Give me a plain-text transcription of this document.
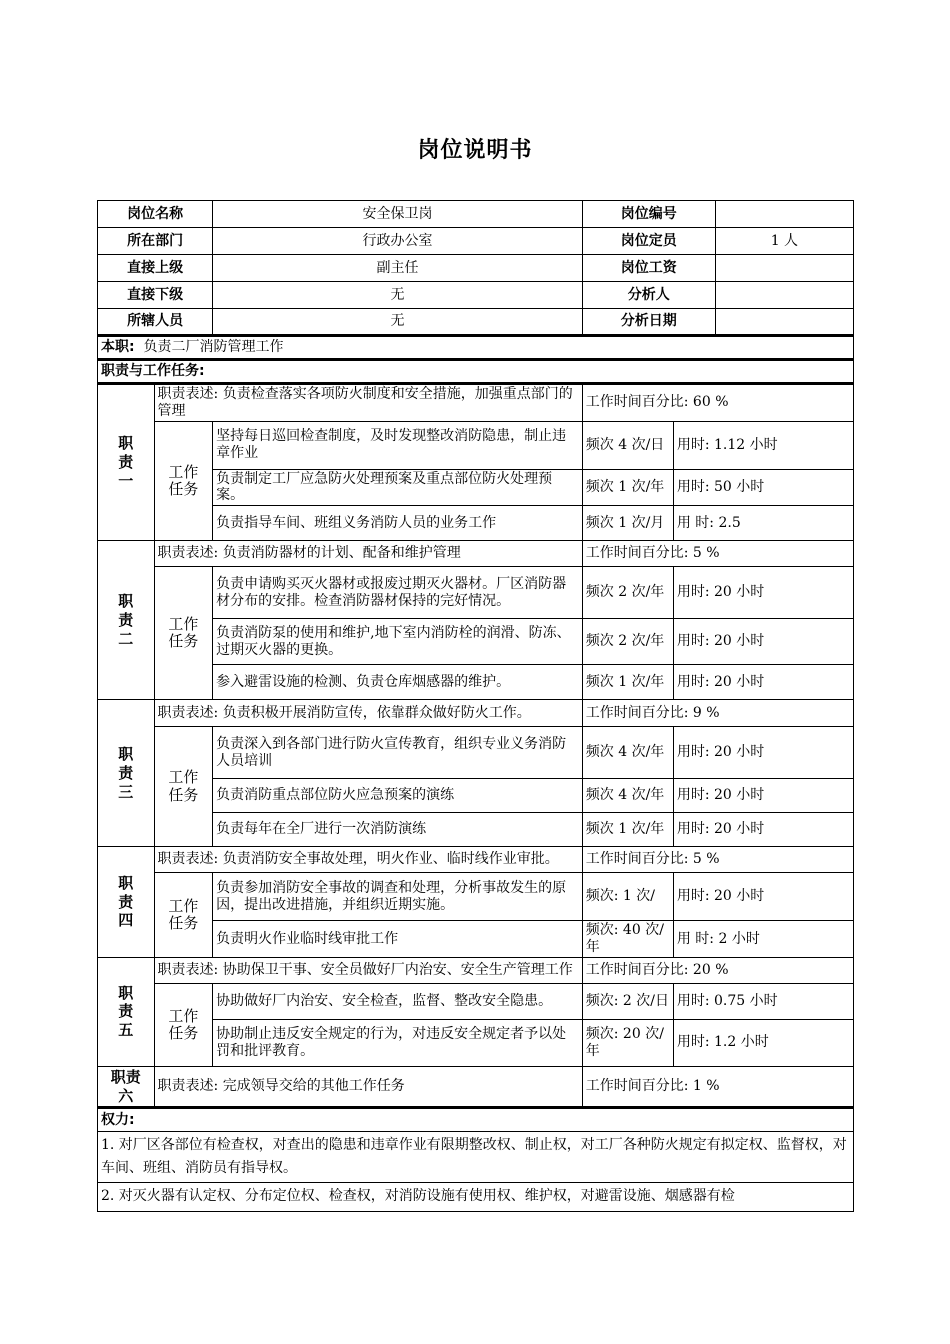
岗位说明书
岗位名称		安全保卫岗	岗位编号		
所在部门		行政办公室	岗位定员		1 人
直接上级		副主任	岗位工资		
直接下级		无	分析人		
所辖人员		无	分析日期		
本职: 负责二厂消防管理工作					
职责与工作任务:					
职
责
一	职责表述: 负责检查落实各项防火制度和安全措施，加强重点部门的管理		工作时间百分比: 60 %		
	工作
任务	坚持每日巡回检查制度，及时发现整改消防隐患，制止违章作业	频次 4 次/日	用时: 1.12 小时	
		负责制定工厂应急防火处理预案及重点部位防火处理预案。	频次 1 次/年	用时: 50 小时	
		负责指导车间、班组义务消防人员的业务工作	频次 1 次/月	用 时: 2.5	
职
责
二	职责表述: 负责消防器材的计划、配备和维护管理		工作时间百分比: 5 %		
	工作
任务	负责申请购买灭火器材或报废过期灭火器材。厂区消防器材分布的安排。检查消防器材保持的完好情况。	频次 2 次/年	用时: 20 小时	
		负责消防泵的使用和维护,地下室内消防栓的润滑、防冻、过期灭火器的更换。	频次 2 次/年	用时: 20 小时	
		参入避雷设施的检测、负责仓库烟感器的维护。	频次 1 次/年	用时: 20 小时	
职
责
三	职责表述: 负责积极开展消防宣传，依靠群众做好防火工作。		工作时间百分比: 9 %		
	工作
任务	负责深入到各部门进行防火宣传教育，组织专业义务消防人员培训	频次 4 次/年	用时: 20 小时	
		负责消防重点部位防火应急预案的演练	频次 4 次/年	用时: 20 小时	
		负责每年在全厂进行一次消防演练	频次 1 次/年	用时: 20 小时	
职
责
四	职责表述: 负责消防安全事故处理，明火作业、临时线作业审批。		工作时间百分比: 5 %		
	工作
任务	负责参加消防安全事故的调查和处理，分析事故发生的原因，提出改进措施，并组织近期实施。	频次: 1 次/	用时: 20 小时	
		负责明火作业临时线审批工作	频次: 40 次/年	用 时: 2 小时	
职
责
五	职责表述: 协助保卫干事、安全员做好厂内治安、安全生产管理工作		工作时间百分比: 20 %		
	工作
任务	协助做好厂内治安、安全检查，监督、整改安全隐患。	频次: 2 次/日	用时: 0.75 小时	
		协助制止违反安全规定的行为，对违反安全规定者予以处罚和批评教育。	频次: 20 次/年	用时: 1.2 小时	
职责
六	职责表述: 完成领导交给的其他工作任务		工作时间百分比: 1 %		
权力:					
1. 对厂区各部位有检查权，对查出的隐患和违章作业有限期整改权、制止权，对工厂各种防火规定有拟定权、监督权，对车间、班组、消防员有指导权。					
2. 对灭火器有认定权、分布定位权、检查权，对消防设施有使用权、维护权，对避雷设施、烟感器有检					
